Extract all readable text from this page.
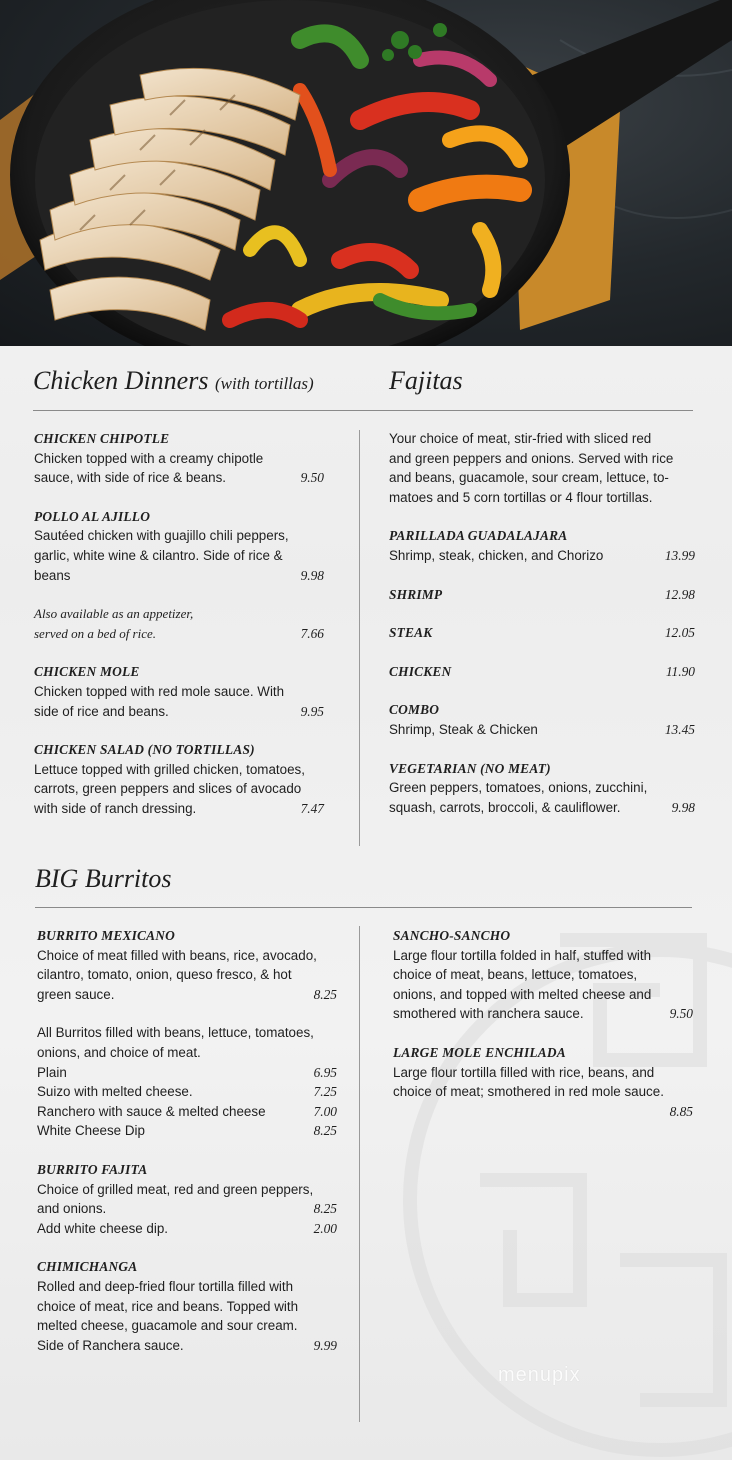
Chicken Dinners (with tortillas)
CHICKEN CHIPOTLE
Chicken topped with a creamy chipotle
sauce, with side of rice & beans.	9.50
POLLO AL AJILLO
Sautéed chicken with guajillo chili peppers,
garlic, white wine & cilantro. Side of rice &
beans	9.98
Also available as an appetizer,
served on a bed of rice.	7.66
CHICKEN MOLE
Chicken topped with red mole sauce. With
side of rice and beans.	9.95
CHICKEN SALAD (NO TORTILLAS)
Lettuce topped with grilled chicken, tomatoes,
carrots, green peppers and slices of avocado
with side of ranch dressing.	7.47
Fajitas
Your choice of meat, stir-fried with sliced red
and green peppers and onions. Served with rice
and beans, guacamole, sour cream, lettuce, to-
matoes and 5 corn tortillas or 4 flour tortillas.
PARILLADA GUADALAJARA
Shrimp, steak, chicken, and Chorizo	13.99
SHRIMP	12.98
STEAK	12.05
CHICKEN	11.90
COMBO
Shrimp, Steak & Chicken	13.45
VEGETARIAN (NO MEAT)
Green peppers, tomatoes, onions, zucchini,
squash, carrots, broccoli, & cauliflower.	9.98
BIG Burritos
BURRITO MEXICANO
Choice of meat filled with beans, rice, avocado,
cilantro, tomato, onion, queso fresco, & hot
green sauce.	8.25
All Burritos filled with beans, lettuce, tomatoes,
onions, and choice of meat.
Plain	6.95
Suizo with melted cheese.	7.25
Ranchero with sauce & melted cheese	7.00
White Cheese Dip	8.25
BURRITO FAJITA
Choice of grilled meat, red and green peppers,
and onions.	8.25
Add white cheese dip.	2.00
CHIMICHANGA
Rolled and deep-fried flour tortilla filled with
choice of meat, rice and beans. Topped with
melted cheese, guacamole and sour cream.
Side of Ranchera sauce.	9.99
SANCHO-SANCHO
Large flour tortilla folded in half, stuffed with
choice of meat, beans, lettuce, tomatoes,
onions, and topped with melted cheese and
smothered with ranchera sauce.	9.50
LARGE MOLE ENCHILADA
Large flour tortilla filled with rice, beans, and
choice of meat; smothered in red mole sauce.

8.85
menupix
